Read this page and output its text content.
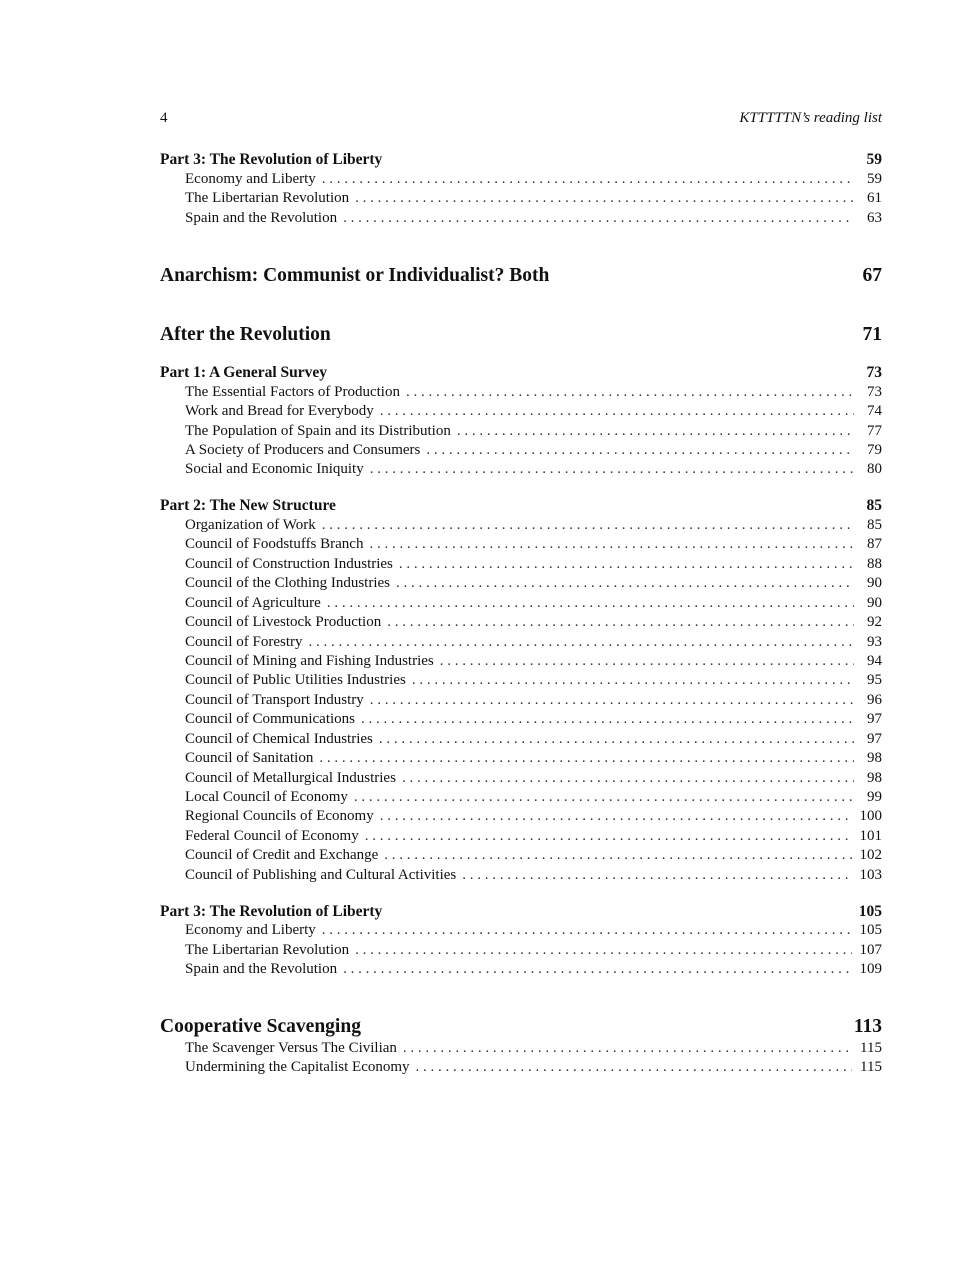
4	KTTTTTN’s reading list
Part 3: The Revolution of Liberty	59
Economy and Liberty . . .	59
The Libertarian Revolution . . .	61
Spain and the Revolution . . .	63
Anarchism: Communist or Individualist? Both	67
After the Revolution	71
Part 1: A General Survey	73
The Essential Factors of Production . . .	73
Work and Bread for Everybody . . .	74
The Population of Spain and its Distribution . . .	77
A Society of Producers and Consumers . . .	79
Social and Economic Iniquity . . .	80
Part 2: The New Structure	85
Organization of Work . . .	85
Council of Foodstuffs Branch . . .	87
Council of Construction Industries . . .	88
Council of the Clothing Industries . . .	90
Council of Agriculture . . .	90
Council of Livestock Production . . .	92
Council of Forestry . . .	93
Council of Mining and Fishing Industries . . .	94
Council of Public Utilities Industries . . .	95
Council of Transport Industry . . .	96
Council of Communications . . .	97
Council of Chemical Industries . . .	97
Council of Sanitation . . .	98
Council of Metallurgical Industries . . .	98
Local Council of Economy . . .	99
Regional Councils of Economy . . .	100
Federal Council of Economy . . .	101
Council of Credit and Exchange . . .	102
Council of Publishing and Cultural Activities . . .	103
Part 3: The Revolution of Liberty	105
Economy and Liberty . . .	105
The Libertarian Revolution . . .	107
Spain and the Revolution . . .	109
Cooperative Scavenging	113
The Scavenger Versus The Civilian . . .	115
Undermining the Capitalist Economy . . .	115
